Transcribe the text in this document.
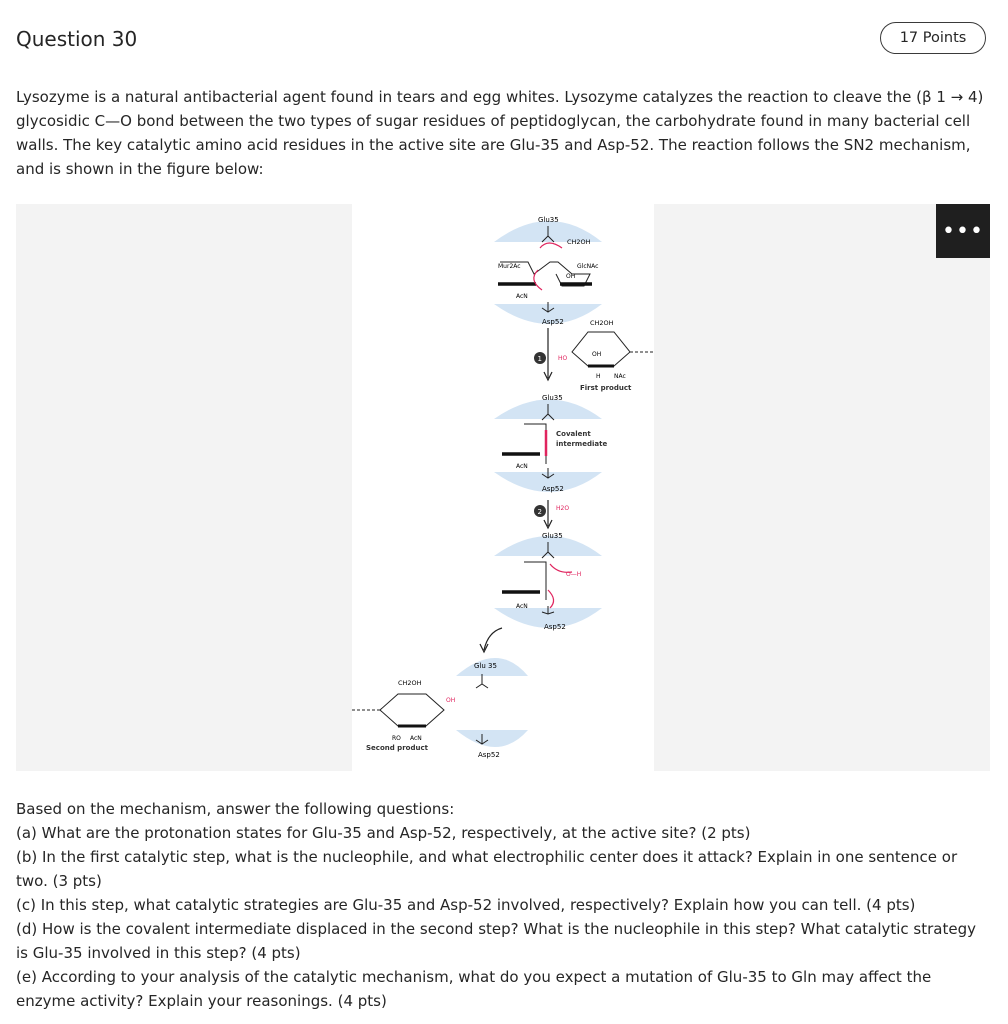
Question 30	17 Points

Lysozyme is a natural antibacterial agent found in tears and egg whites. Lysozyme catalyzes the reaction to cleave the (β 1 → 4) glycosidic C—O bond between the two types of sugar residues of peptidoglycan, the carbohydrate found in many bacterial cell walls. The key catalytic amino acid residues in the active site are Glu-35 and Asp-52. The reaction follows the SN2 mechanism, and is shown in the figure below:

Glu35
CH2OH
Mur2Ac	GlcNAc
OH
AcN
Asp52	CH2OH
HO
OH
H NAc
First product
1
Glu35
Covalent
intermediate
AcN
Asp52
2 H2O
Glu35
O—H
AcN
Asp52
Glu 35
CH2OH
OH
RO AcN
Second product
Asp52
•••
Based on the mechanism, answer the following questions:
(a) What are the protonation states for Glu-35 and Asp-52, respectively, at the active site? (2 pts)
(b) In the first catalytic step, what is the nucleophile, and what electrophilic center does it attack? Explain in one sentence or two. (3 pts)
(c) In this step, what catalytic strategies are Glu-35 and Asp-52 involved, respectively? Explain how you can tell. (4 pts)
(d) How is the covalent intermediate displaced in the second step? What is the nucleophile in this step? What catalytic strategy is Glu-35 involved in this step? (4 pts)
(e) According to your analysis of the catalytic mechanism, what do you expect a mutation of Glu-35 to Gln may affect the enzyme activity? Explain your reasonings. (4 pts)
